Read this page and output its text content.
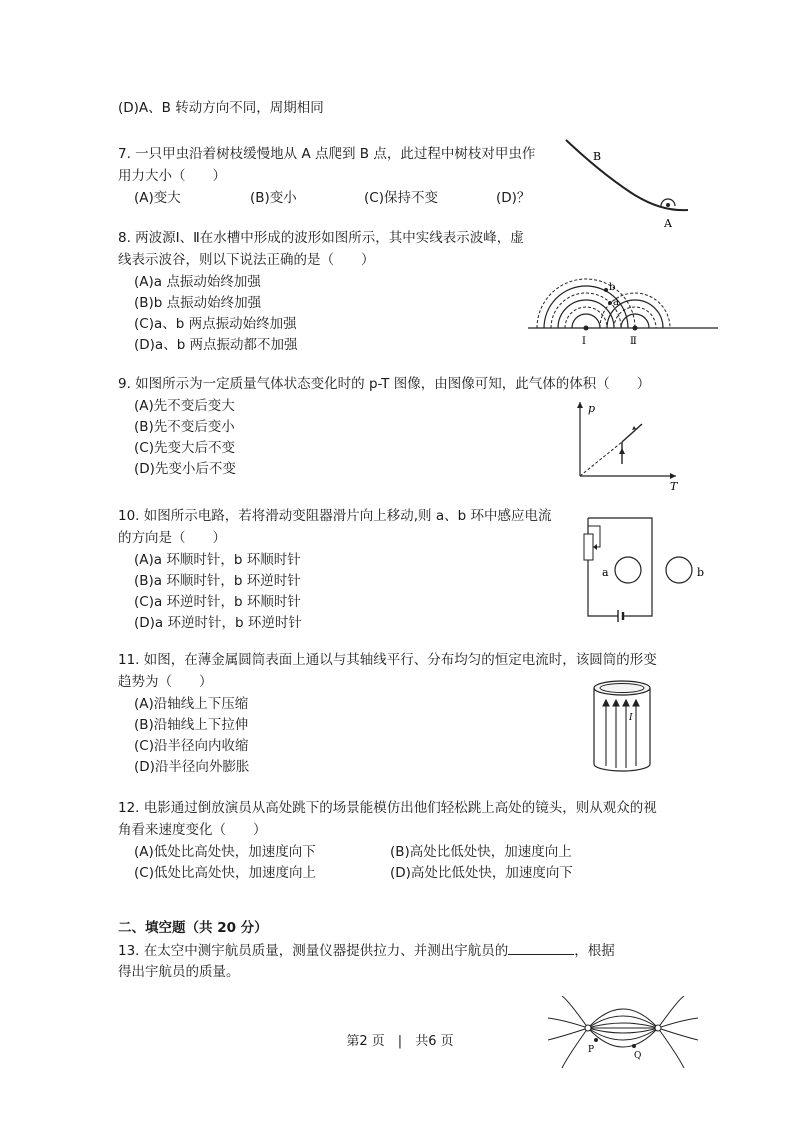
(D)A、B 转动方向不同，周期相同
7. 一只甲虫沿着树枝缓慢地从 A 点爬到 B 点，此过程中树枝对甲虫作
用力大小（　　）
(A)变大	(B)变小	(C)保持不变	(D)？
B
A
8. 两波源Ⅰ、Ⅱ在水槽中形成的波形如图所示，其中实线表示波峰，虚
线表示波谷，则以下说法正确的是（　　）
(A)a 点振动始终加强
(B)b 点振动始终加强
(C)a、b 两点振动始终加强
(D)a、b 两点振动都不加强
b
a
Ⅰ	Ⅱ
9. 如图所示为一定质量气体状态变化时的 p-T 图像，由图像可知，此气体的体积（　　）
(A)先不变后变大
(B)先不变后变小
(C)先变大后不变
(D)先变小后不变
p
T
10. 如图所示电路，若将滑动变阻器滑片向上移动,则 a、b 环中感应电流
的方向是（　　）
(A)a 环顺时针，b 环顺时针
(B)a 环顺时针，b 环逆时针
(C)a 环逆时针，b 环顺时针
(D)a 环逆时针，b 环逆时针
a	b
11. 如图，在薄金属圆筒表面上通以与其轴线平行、分布均匀的恒定电流时，该圆筒的形变
趋势为（　　）
(A)沿轴线上下压缩
(B)沿轴线上下拉伸
(C)沿半径向内收缩
(D)沿半径向外膨胀
I
12. 电影通过倒放演员从高处跳下的场景能模仿出他们轻松跳上高处的镜头，则从观众的视
角看来速度变化（　　）
(A)低处比高处快，加速度向下	(B)高处比低处快，加速度向上
(C)低处比高处快，加速度向上	(D)高处比低处快，加速度向下
二、填空题（共 20 分）
13. 在太空中测宇航员质量，测量仪器提供拉力、并测出宇航员的	，根据
得出宇航员的质量。
P
Q
第2 页　|　共6 页
